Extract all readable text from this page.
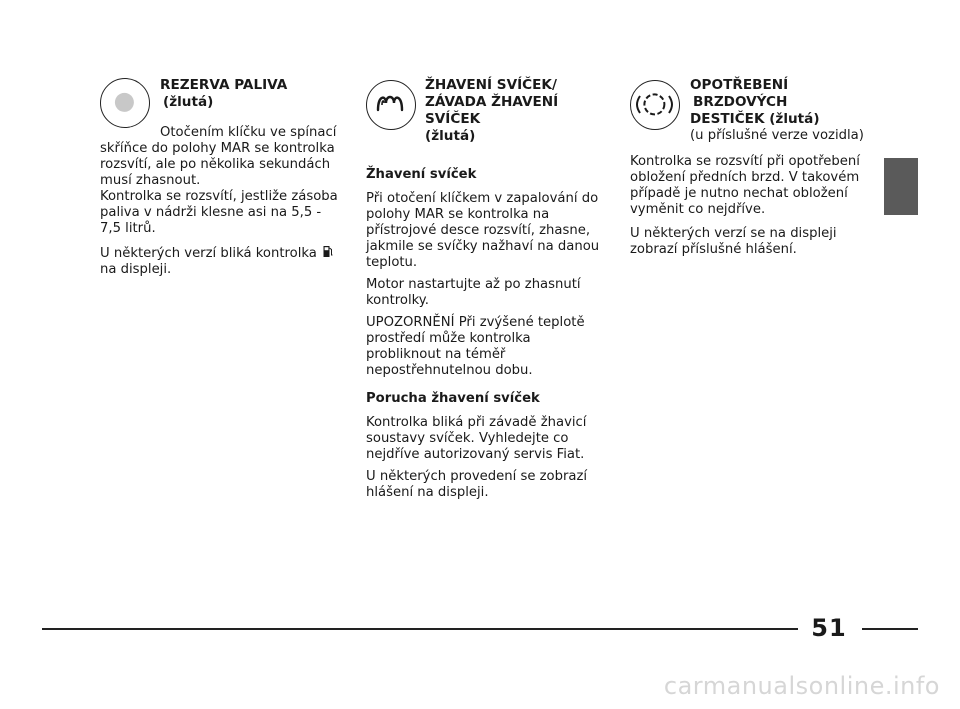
REZERVA PALIVA
(žlutá)
Otočením klíčku ve spínací
skříňce do polohy MAR se kontrolka rozsvítí, ale po několika sekundách musí zhasnout.

Kontrolka se rozsvítí, jestliže zásoba paliva v nádrži klesne asi na 5,5 - 7,5 litrů.

U některých verzí bliká kontrolka
na displeji.

ŽHAVENÍ SVÍČEK/
ZÁVADA ŽHAVENÍ
SVÍČEK
(žlutá)
Žhavení svíček

Při otočení klíčkem v zapalování do polohy MAR se kontrolka na přístrojové desce rozsvítí, zhasne, jakmile se svíčky nažhaví na danou teplotu.

Motor nastartujte až po zhasnutí kontrolky.

UPOZORNĚNÍ Při zvýšené teplotě prostředí může kontrolka probliknout na téměř nepostřehnutelnou dobu.

Porucha žhavení svíček

Kontrolka bliká při závadě žhavicí soustavy svíček. Vyhledejte co nejdříve autorizovaný servis Fiat.

U některých provedení se zobrazí hlášení na displeji.

OPOTŘEBENÍ
BRZDOVÝCH
DESTIČEK (žlutá)
(u příslušné verze vozidla)

Kontrolka se rozsvítí při opotřebení obložení předních brzd. V takovém případě je nutno nechat obložení vyměnit co nejdříve.

U některých verzí se na displeji zobrazí příslušné hlášení.

51
carmanualsonline.info
